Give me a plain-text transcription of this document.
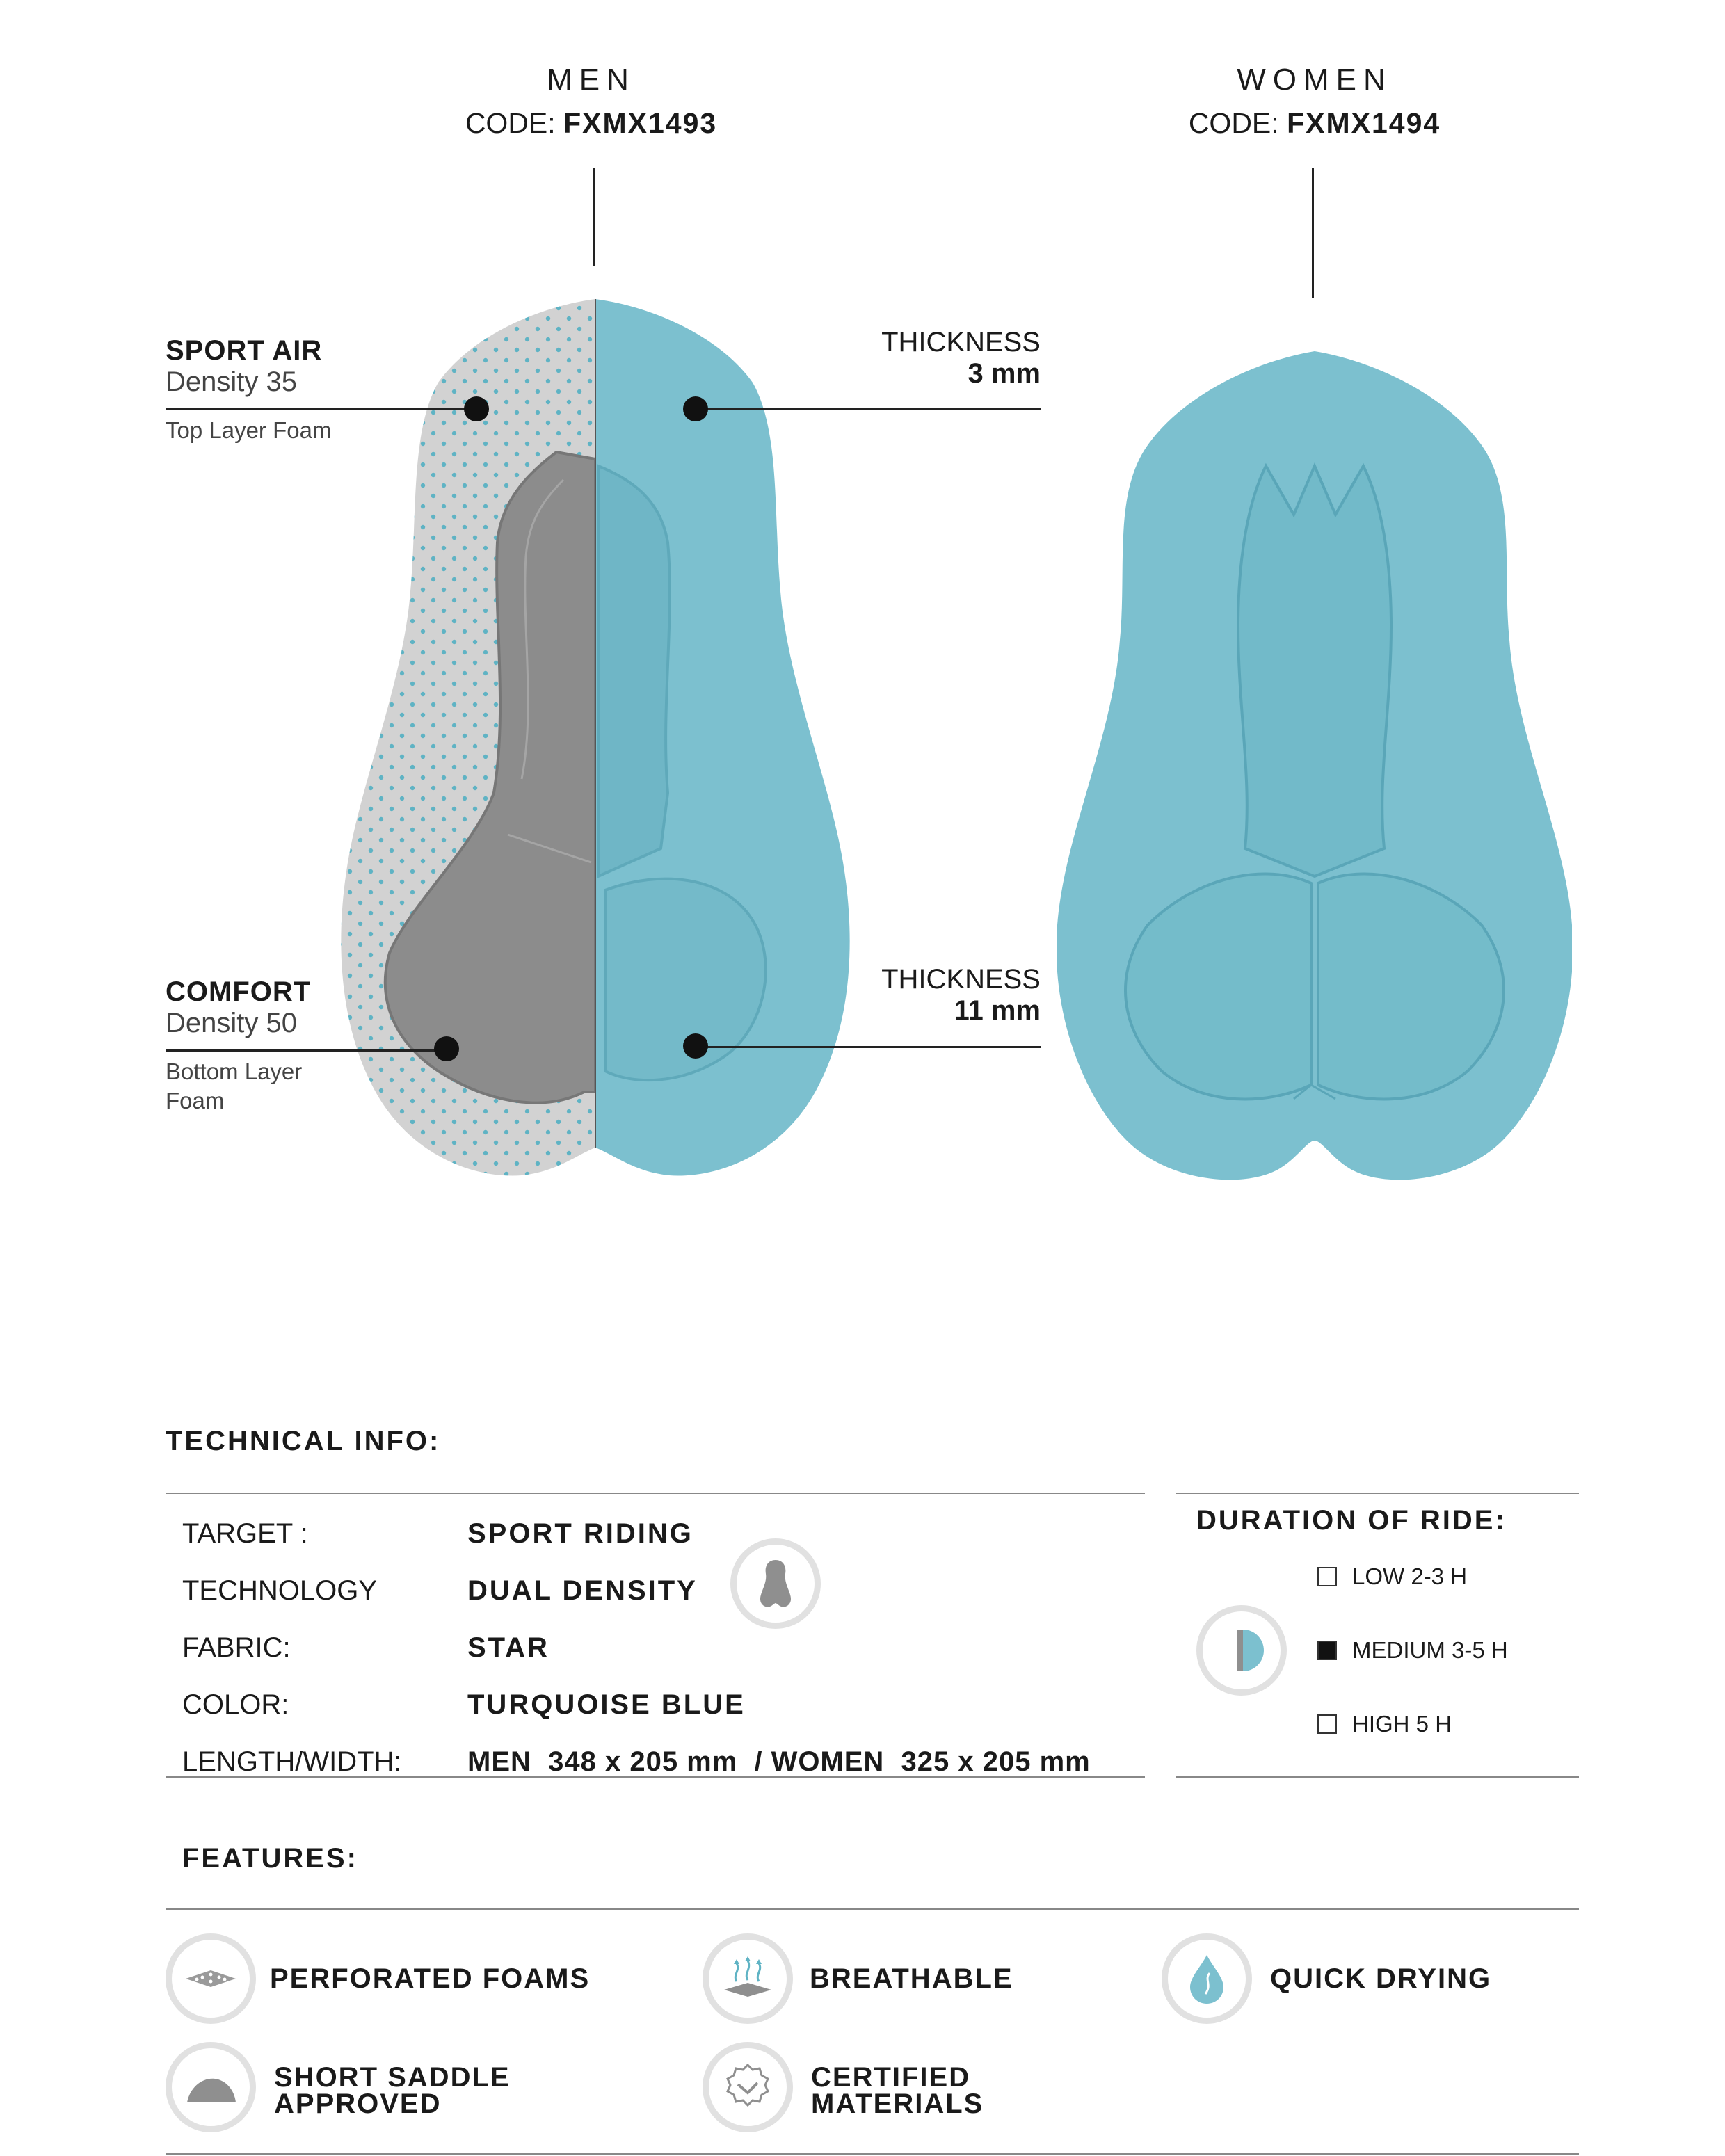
MEN
CODE: FXMX1493
WOMEN
CODE: FXMX1494
SPORT AIR
Density 35
Top Layer Foam
COMFORT
Density 50
Bottom Layer
Foam
THICKNESS
3 mm
THICKNESS
11 mm
TECHNICAL INFO:
TARGET :	SPORT RIDING
TECHNOLOGY	DUAL DENSITY
FABRIC:	STAR
COLOR:	TURQUOISE BLUE
LENGTH/WIDTH:	MEN  348 x 205 mm / WOMEN  325 x 205 mm
DURATION OF RIDE:
LOW 2-3 H
MEDIUM 3-5 H
HIGH 5 H
FEATURES:
PERFORATED FOAMS	BREATHABLE	QUICK DRYING
SHORT SADDLE
APPROVED
CERTIFIED
MATERIALS
